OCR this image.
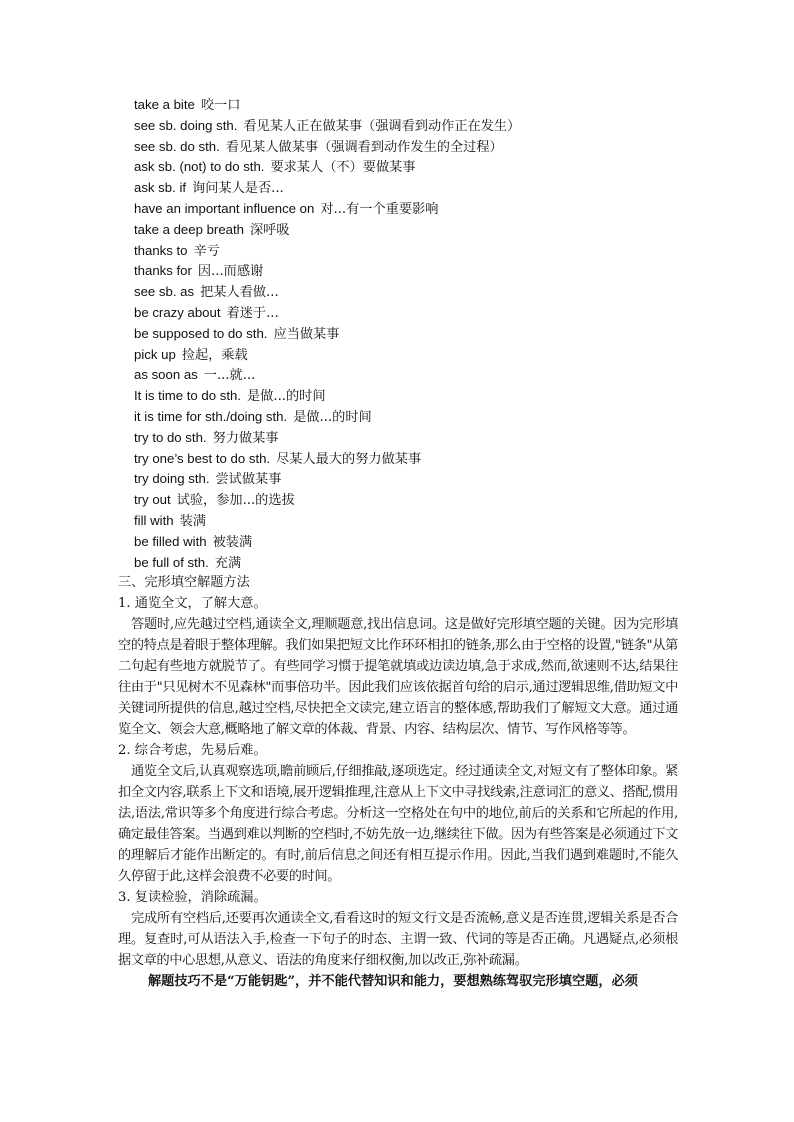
take a bite 咬一口
see sb. doing sth. 看见某人正在做某事（强调看到动作正在发生）
see sb. do sth. 看见某人做某事（强调看到动作发生的全过程）
ask sb. (not) to do sth. 要求某人（不）要做某事
ask sb. if 询问某人是否...
have an important influence on 对...有一个重要影响
take a deep breath 深呼吸
thanks to 辛亏
thanks for 因...而感谢
see sb. as 把某人看做...
be crazy about 着迷于...
be supposed to do sth. 应当做某事
pick up 捡起，乘载
as soon as 一...就...
It is time to do sth. 是做...的时间
it is time for sth./doing sth. 是做...的时间
try to do sth. 努力做某事
try one’s best to do sth. 尽某人最大的努力做某事
try doing sth. 尝试做某事
try out 试验，参加...的选拔
fill with 装满
be filled with 被装满
be full of sth. 充满
三、完形填空解题方法
1. 通览全文，了解大意。
答题时,应先越过空档,通读全文,理顺题意,找出信息词。这是做好完形填空题的关键。因为完形填空的特点是着眼于整体理解。我们如果把短文比作环环相扣的链条,那么由于空格的设置,"链条"从第二句起有些地方就脱节了。有些同学习惯于提笔就填或边读边填,急于求成,然而,欲速则不达,结果往往由于"只见树木不见森林"而事倍功半。因此我们应该依据首句给的启示,通过逻辑思维,借助短文中关键词所提供的信息,越过空档,尽快把全文读完,建立语言的整体感,帮助我们了解短文大意。通过通览全文、领会大意,概略地了解文章的体裁、背景、内容、结构层次、情节、写作风格等等。
2. 综合考虑，先易后难。
通览全文后,认真观察选项,瞻前顾后,仔细推敲,逐项选定。经过通读全文,对短文有了整体印象。紧扣全文内容,联系上下文和语境,展开逻辑推理,注意从上下文中寻找线索,注意词汇的意义、搭配,惯用法,语法,常识等多个角度进行综合考虑。分析这一空格处在句中的地位,前后的关系和它所起的作用,确定最佳答案。当遇到难以判断的空档时,不妨先放一边,继续往下做。因为有些答案是必须通过下文的理解后才能作出断定的。有时,前后信息之间还有相互提示作用。因此,当我们遇到难题时,不能久久停留于此,这样会浪费不必要的时间。
3. 复读检验，消除疏漏。
完成所有空档后,还要再次通读全文,看看这时的短文行文是否流畅,意义是否连贯,逻辑关系是否合理。复查时,可从语法入手,检查一下句子的时态、主谓一致、代词的等是否正确。凡遇疑点,必须根据文章的中心思想,从意义、语法的角度来仔细权衡,加以改正,弥补疏漏。
解题技巧不是“万能钥匙”，并不能代替知识和能力，要想熟练驾驭完形填空题，必须
